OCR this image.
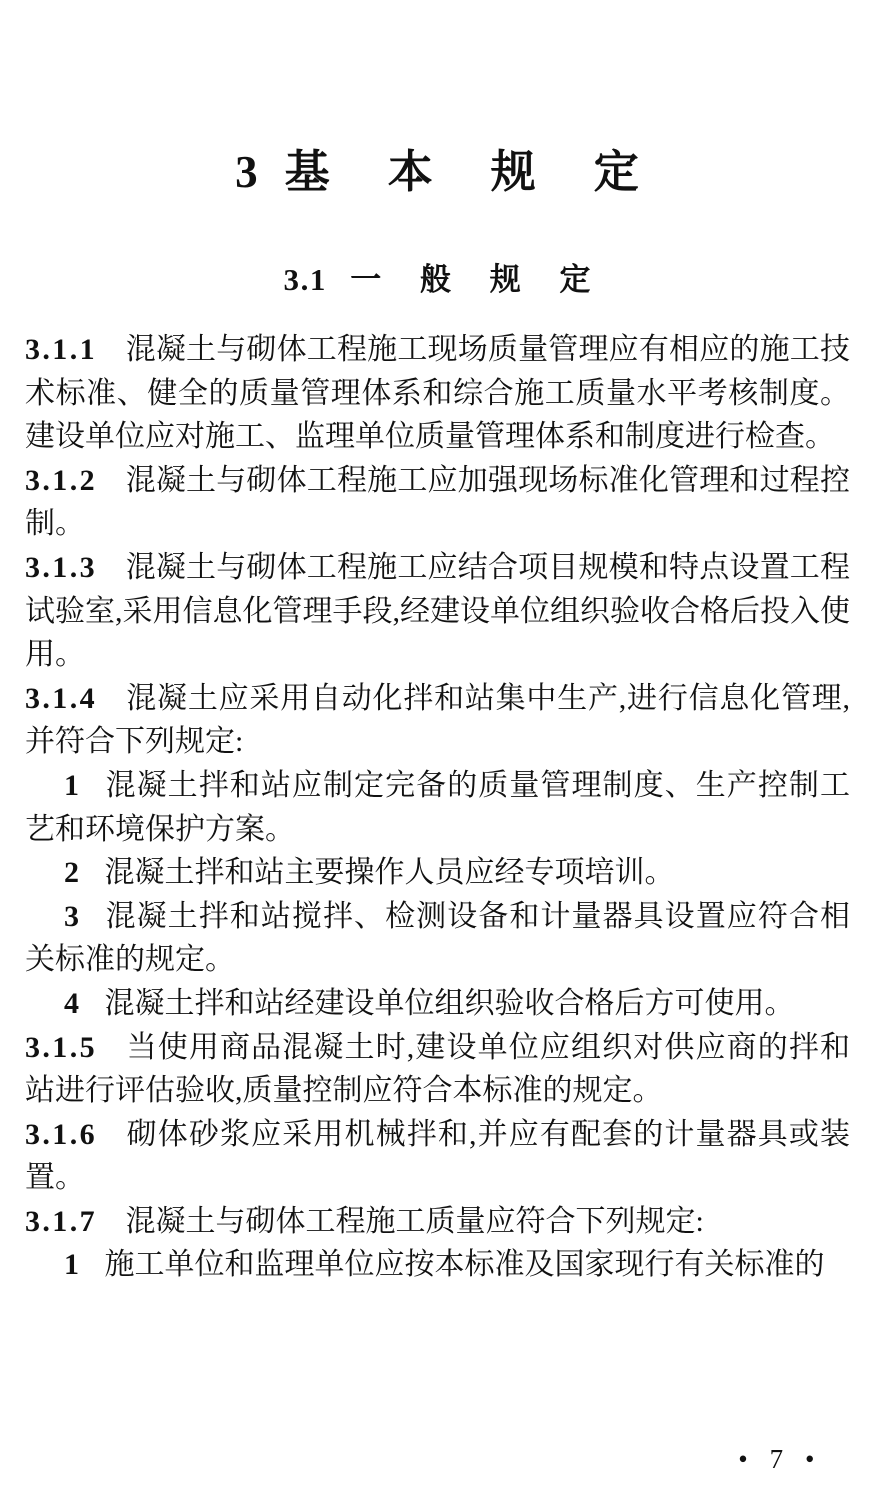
3 基 本 规 定
3.1 一 般 规 定

3.1.1 混凝土与砌体工程施工现场质量管理应有相应的施工技术标准、健全的质量管理体系和综合施工质量水平考核制度。建设单位应对施工、监理单位质量管理体系和制度进行检查。

3.1.2 混凝土与砌体工程施工应加强现场标准化管理和过程控制。

3.1.3 混凝土与砌体工程施工应结合项目规模和特点设置工程试验室,采用信息化管理手段,经建设单位组织验收合格后投入使用。

3.1.4 混凝土应采用自动化拌和站集中生产,进行信息化管理,并符合下列规定:

1 混凝土拌和站应制定完备的质量管理制度、生产控制工艺和环境保护方案。

2 混凝土拌和站主要操作人员应经专项培训。

3 混凝土拌和站搅拌、检测设备和计量器具设置应符合相关标准的规定。

4 混凝土拌和站经建设单位组织验收合格后方可使用。

3.1.5 当使用商品混凝土时,建设单位应组织对供应商的拌和站进行评估验收,质量控制应符合本标准的规定。

3.1.6 砌体砂浆应采用机械拌和,并应有配套的计量器具或装置。

3.1.7 混凝土与砌体工程施工质量应符合下列规定:

1 施工单位和监理单位应按本标准及国家现行有关标准的

• 7 •
